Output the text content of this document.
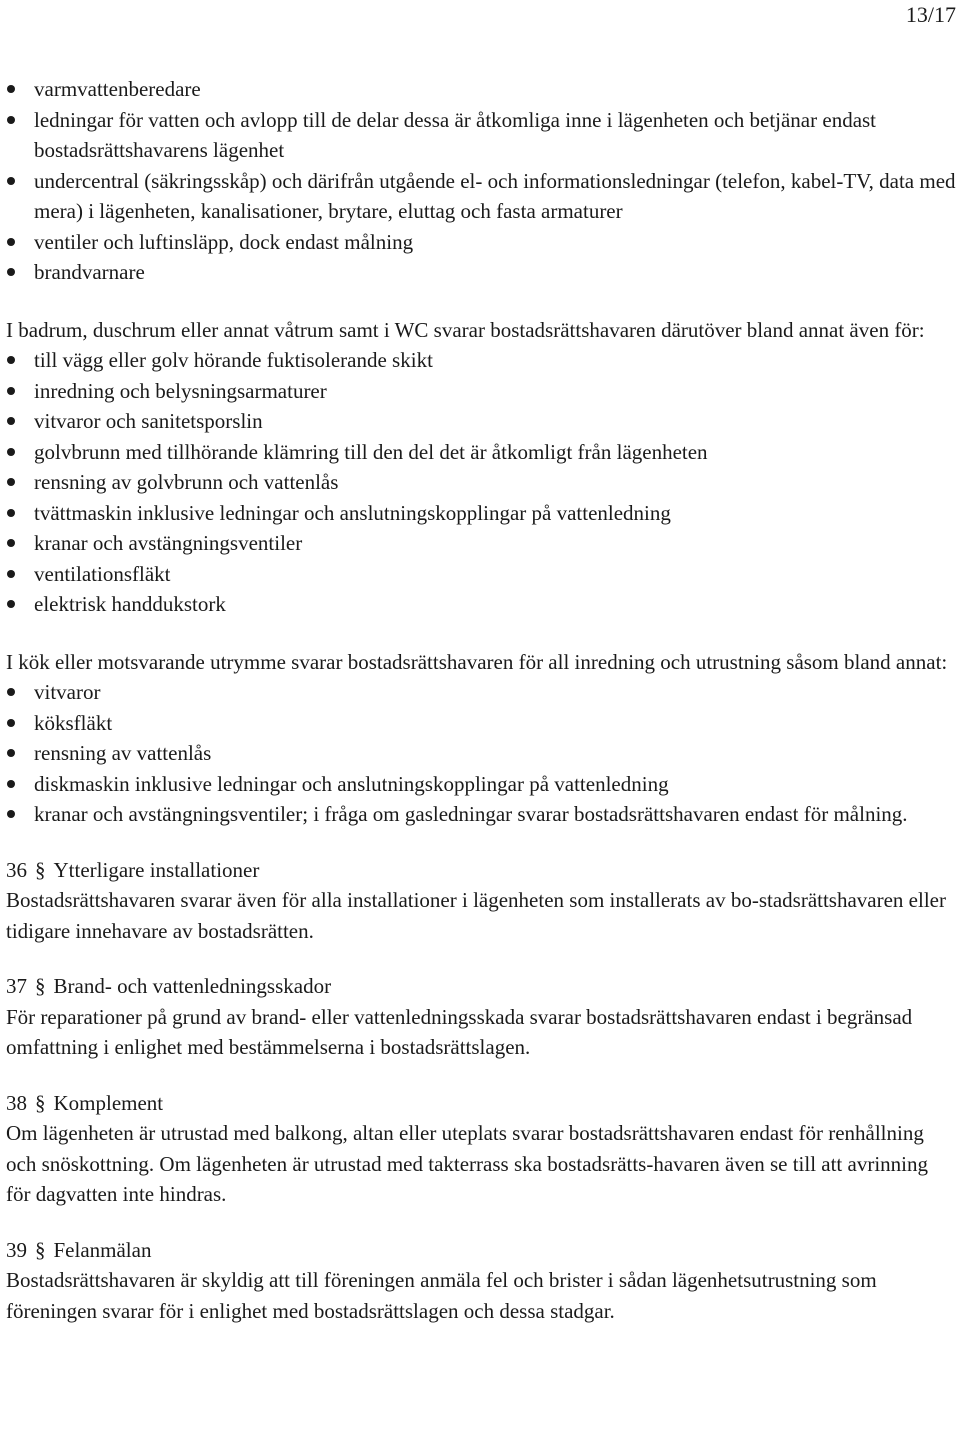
13/17
varmvattenberedare
ledningar för vatten och avlopp till de delar dessa är åtkomliga inne i lägenheten och betjänar endast bostadsrättshavarens lägenhet
undercentral (säkringsskåp) och därifrån utgående el- och informationsledningar (telefon, kabel-TV, data med mera) i lägenheten, kanalisationer, brytare, eluttag och fasta armaturer
ventiler och luftinsläpp, dock endast målning
brandvarnare

I badrum, duschrum eller annat våtrum samt i WC svarar bostadsrättshavaren därutöver bland annat även för:

till vägg eller golv hörande fuktisolerande skikt
inredning och belysningsarmaturer
vitvaror och sanitetsporslin
golvbrunn med tillhörande klämring till den del det är åtkomligt från lägenheten
rensning av golvbrunn och vattenlås
tvättmaskin inklusive ledningar och anslutningskopplingar på vattenledning
kranar och avstängningsventiler
ventilationsfläkt
elektrisk handdukstork

I kök eller motsvarande utrymme svarar bostadsrättshavaren för all inredning och utrustning såsom bland annat:

vitvaror
köksfläkt
rensning av vattenlås
diskmaskin inklusive ledningar och anslutningskopplingar på vattenledning
kranar och avstängningsventiler; i fråga om gasledningar svarar bostadsrättshavaren endast för målning.

36 § Ytterligare installationer

Bostadsrättshavaren svarar även för alla installationer i lägenheten som installerats av bo-stadsrättshavaren eller tidigare innehavare av bostadsrätten.

37 § Brand- och vattenledningsskador

För reparationer på grund av brand- eller vattenledningsskada svarar bostadsrättshavaren endast i begränsad omfattning i enlighet med bestämmelserna i bostadsrättslagen.

38 § Komplement

Om lägenheten är utrustad med balkong, altan eller uteplats svarar bostadsrättshavaren endast för renhållning och snöskottning. Om lägenheten är utrustad med takterrass ska bostadsrätts-havaren även se till att avrinning för dagvatten inte hindras.

39 § Felanmälan

Bostadsrättshavaren är skyldig att till föreningen anmäla fel och brister i sådan lägenhetsutrustning som föreningen svarar för i enlighet med bostadsrättslagen och dessa stadgar.
